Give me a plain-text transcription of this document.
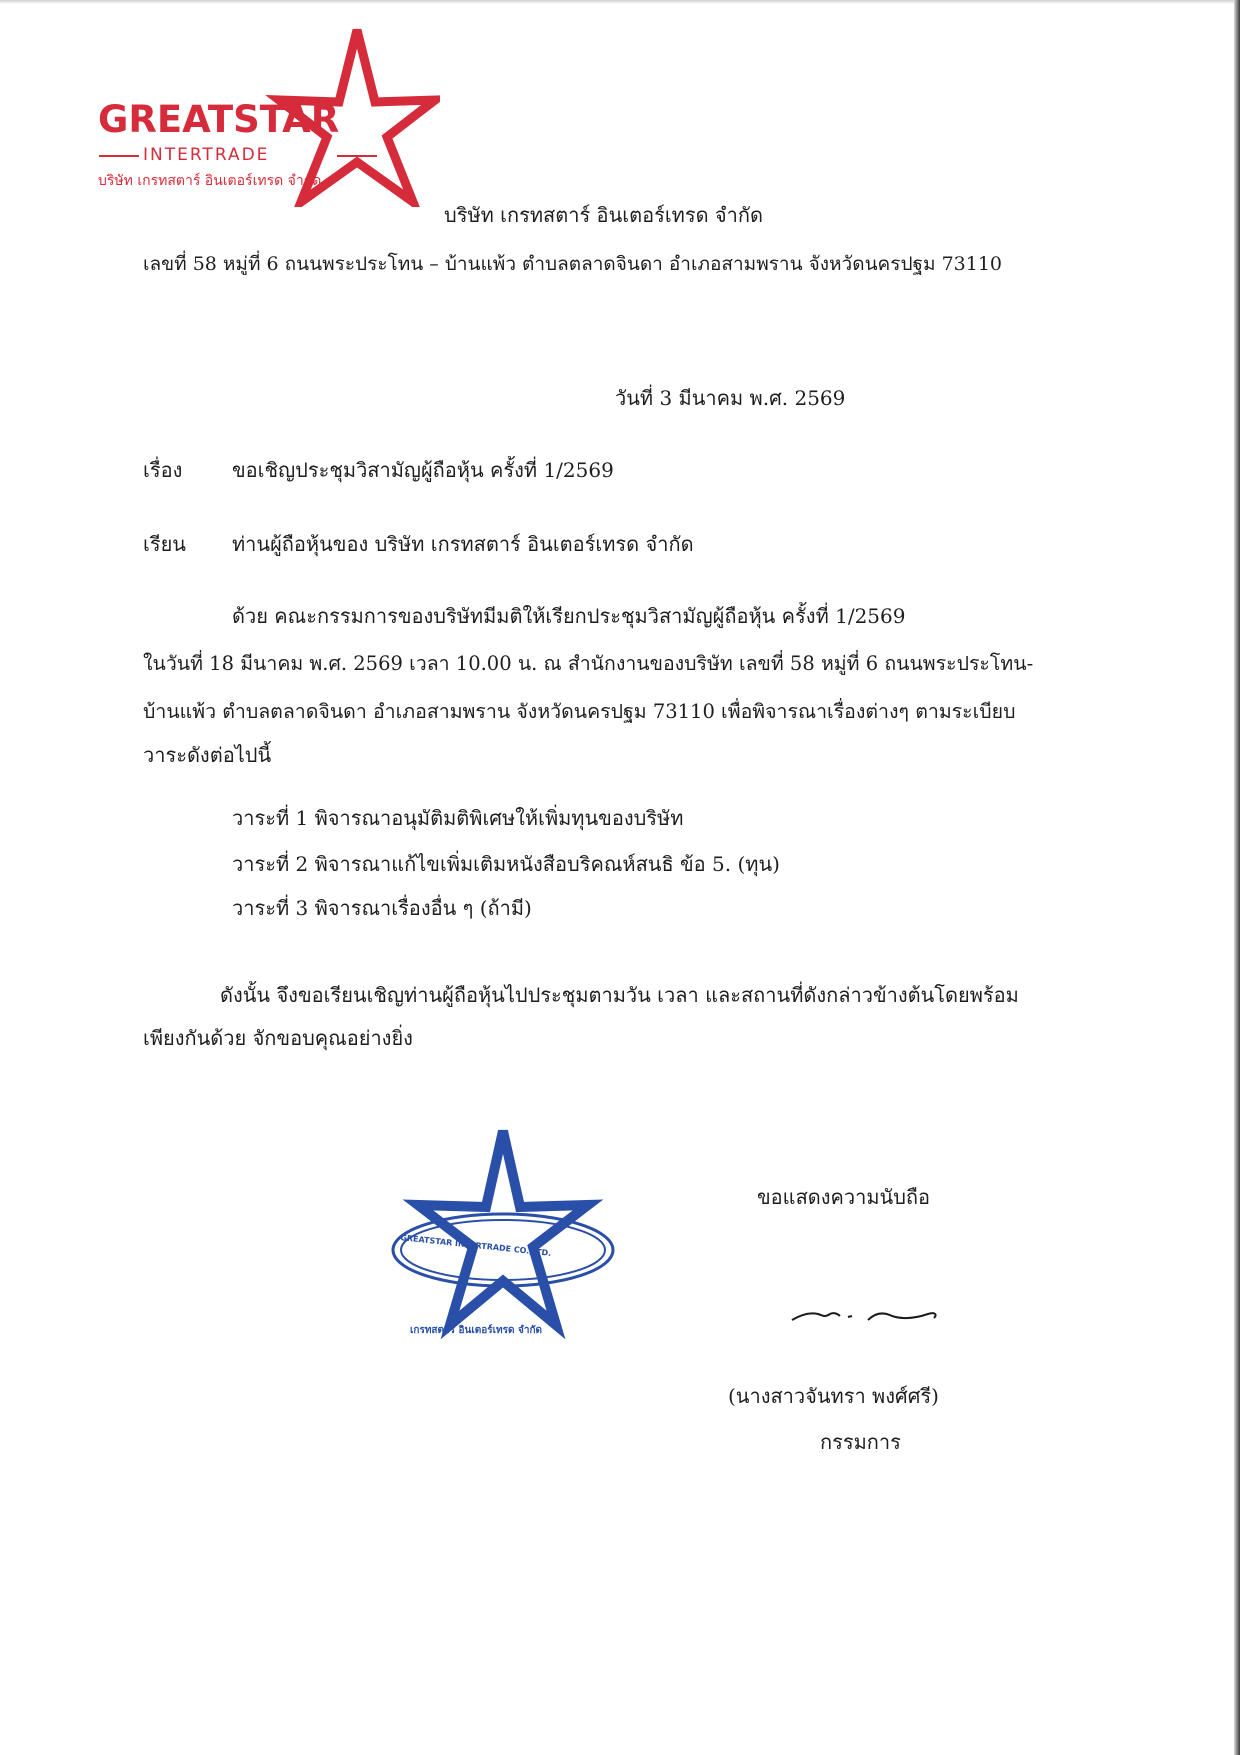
GREATSTAR
INTERTRADE
บริษัท เกรทสตาร์ อินเตอร์เทรด จำกัด
บริษัท เกรทสตาร์ อินเตอร์เทรด จำกัด
เลขที่ 58 หมู่ที่ 6 ถนนพระประโทน – บ้านแพ้ว ตำบลตลาดจินดา อำเภอสามพราน จังหวัดนครปฐม 73110
วันที่ 3 มีนาคม พ.ศ. 2569
เรื่อง ขอเชิญประชุมวิสามัญผู้ถือหุ้น ครั้งที่ 1/2569
เรียน ท่านผู้ถือหุ้นของ บริษัท เกรทสตาร์ อินเตอร์เทรด จำกัด
ด้วย คณะกรรมการของบริษัทมีมติให้เรียกประชุมวิสามัญผู้ถือหุ้น ครั้งที่ 1/2569
ในวันที่ 18 มีนาคม พ.ศ. 2569 เวลา 10.00 น. ณ สำนักงานของบริษัท เลขที่ 58 หมู่ที่ 6 ถนนพระประโทน-
บ้านแพ้ว ตำบลตลาดจินดา อำเภอสามพราน จังหวัดนครปฐม 73110 เพื่อพิจารณาเรื่องต่างๆ ตามระเบียบ
วาระดังต่อไปนี้
วาระที่ 1 พิจารณาอนุมัติมติพิเศษให้เพิ่มทุนของบริษัท
วาระที่ 2 พิจารณาแก้ไขเพิ่มเติมหนังสือบริคณห์สนธิ ข้อ 5. (ทุน)
วาระที่ 3 พิจารณาเรื่องอื่น ๆ (ถ้ามี)
ดังนั้น จึงขอเรียนเชิญท่านผู้ถือหุ้นไปประชุมตามวัน เวลา และสถานที่ดังกล่าวข้างต้นโดยพร้อม
เพียงกันด้วย จักขอบคุณอย่างยิ่ง
ขอแสดงความนับถือ
GREATSTAR INTERTRADE CO.,LTD.
เกรทสตาร์ อินเตอร์เทรด จำกัด
(นางสาวจันทรา พงศ์ศรี)
กรรมการ
